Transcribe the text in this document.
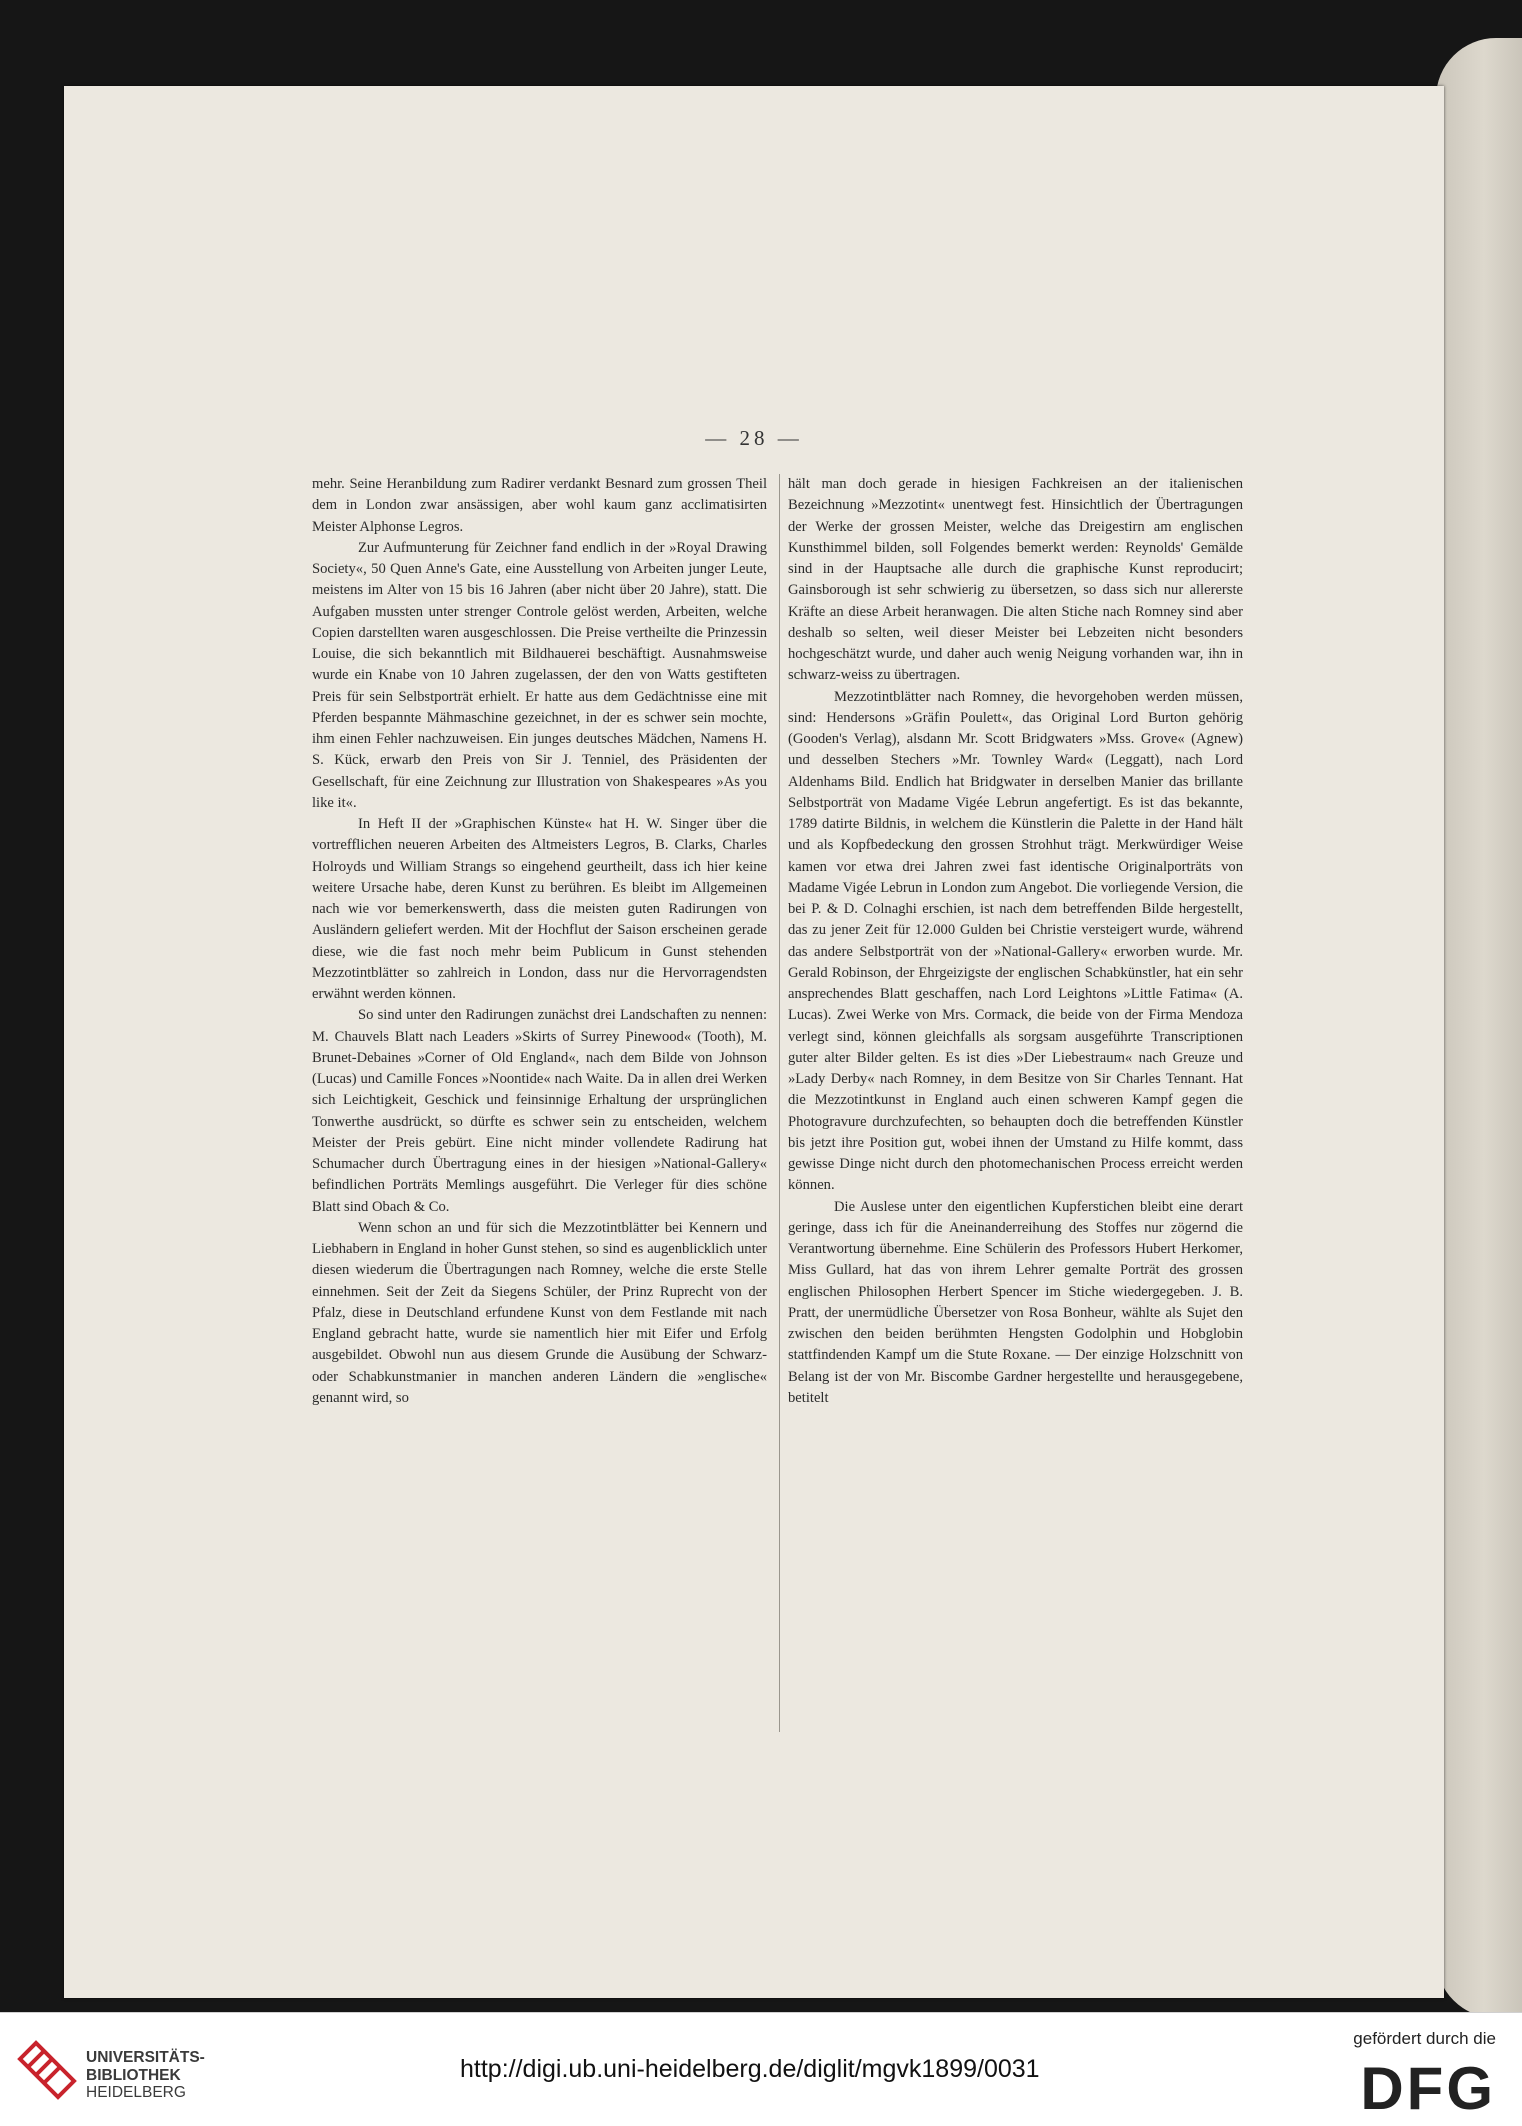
— 28 —

mehr. Seine Heranbildung zum Radirer verdankt Besnard zum grossen Theil dem in London zwar ansässigen, aber wohl kaum ganz acclimatisirten Meister Alphonse Legros.

Zur Aufmunterung für Zeichner fand endlich in der »Royal Drawing Society«, 50 Quen Anne's Gate, eine Ausstellung von Arbeiten junger Leute, meistens im Alter von 15 bis 16 Jahren (aber nicht über 20 Jahre), statt. Die Aufgaben mussten unter strenger Controle gelöst werden, Arbeiten, welche Copien darstellten waren ausgeschlossen. Die Preise vertheilte die Prinzessin Louise, die sich bekanntlich mit Bildhauerei beschäftigt. Ausnahmsweise wurde ein Knabe von 10 Jahren zugelassen, der den von Watts gestifteten Preis für sein Selbstporträt erhielt. Er hatte aus dem Gedächtnisse eine mit Pferden bespannte Mähmaschine gezeichnet, in der es schwer sein mochte, ihm einen Fehler nachzuweisen. Ein junges deutsches Mädchen, Namens H. S. Kück, erwarb den Preis von Sir J. Tenniel, des Präsidenten der Gesellschaft, für eine Zeichnung zur Illustration von Shakespeares »As you like it«.

In Heft II der »Graphischen Künste« hat H. W. Singer über die vortrefflichen neueren Arbeiten des Altmeisters Legros, B. Clarks, Charles Holroyds und William Strangs so eingehend geurtheilt, dass ich hier keine weitere Ursache habe, deren Kunst zu berühren. Es bleibt im Allgemeinen nach wie vor bemerkenswerth, dass die meisten guten Radirungen von Ausländern geliefert werden. Mit der Hochflut der Saison erscheinen gerade diese, wie die fast noch mehr beim Publicum in Gunst stehenden Mezzotintblätter so zahlreich in London, dass nur die Hervorragendsten erwähnt werden können.

So sind unter den Radirungen zunächst drei Landschaften zu nennen: M. Chauvels Blatt nach Leaders »Skirts of Surrey Pinewood« (Tooth), M. Brunet-Debaines »Corner of Old England«, nach dem Bilde von Johnson (Lucas) und Camille Fonces »Noontide« nach Waite. Da in allen drei Werken sich Leichtigkeit, Geschick und feinsinnige Erhaltung der ursprünglichen Tonwerthe ausdrückt, so dürfte es schwer sein zu entscheiden, welchem Meister der Preis gebürt. Eine nicht minder vollendete Radirung hat Schumacher durch Übertragung eines in der hiesigen »National-Gallery« befindlichen Porträts Memlings ausgeführt. Die Verleger für dies schöne Blatt sind Obach & Co.

Wenn schon an und für sich die Mezzotintblätter bei Kennern und Liebhabern in England in hoher Gunst stehen, so sind es augenblicklich unter diesen wiederum die Übertragungen nach Romney, welche die erste Stelle einnehmen. Seit der Zeit da Siegens Schüler, der Prinz Ruprecht von der Pfalz, diese in Deutschland erfundene Kunst von dem Festlande mit nach England gebracht hatte, wurde sie namentlich hier mit Eifer und Erfolg ausgebildet. Obwohl nun aus diesem Grunde die Ausübung der Schwarz- oder Schabkunstmanier in manchen anderen Ländern die »englische« genannt wird, so

hält man doch gerade in hiesigen Fachkreisen an der italienischen Bezeichnung »Mezzotint« unentwegt fest. Hinsichtlich der Übertragungen der Werke der grossen Meister, welche das Dreigestirn am englischen Kunsthimmel bilden, soll Folgendes bemerkt werden: Reynolds' Gemälde sind in der Hauptsache alle durch die graphische Kunst reproducirt; Gainsborough ist sehr schwierig zu übersetzen, so dass sich nur allererste Kräfte an diese Arbeit heranwagen. Die alten Stiche nach Romney sind aber deshalb so selten, weil dieser Meister bei Lebzeiten nicht besonders hochgeschätzt wurde, und daher auch wenig Neigung vorhanden war, ihn in schwarz-weiss zu übertragen.

Mezzotintblätter nach Romney, die hevorgehoben werden müssen, sind: Hendersons »Gräfin Poulett«, das Original Lord Burton gehörig (Gooden's Verlag), alsdann Mr. Scott Bridgwaters »Mss. Grove« (Agnew) und desselben Stechers »Mr. Townley Ward« (Leggatt), nach Lord Aldenhams Bild. Endlich hat Bridgwater in derselben Manier das brillante Selbstporträt von Madame Vigée Lebrun angefertigt. Es ist das bekannte, 1789 datirte Bildnis, in welchem die Künstlerin die Palette in der Hand hält und als Kopfbedeckung den grossen Strohhut trägt. Merkwürdiger Weise kamen vor etwa drei Jahren zwei fast identische Originalporträts von Madame Vigée Lebrun in London zum Angebot. Die vorliegende Version, die bei P. & D. Colnaghi erschien, ist nach dem betreffenden Bilde hergestellt, das zu jener Zeit für 12.000 Gulden bei Christie versteigert wurde, während das andere Selbstporträt von der »National-Gallery« erworben wurde. Mr. Gerald Robinson, der Ehrgeizigste der englischen Schabkünstler, hat ein sehr ansprechendes Blatt geschaffen, nach Lord Leightons »Little Fatima« (A. Lucas). Zwei Werke von Mrs. Cormack, die beide von der Firma Mendoza verlegt sind, können gleichfalls als sorgsam ausgeführte Transcriptionen guter alter Bilder gelten. Es ist dies »Der Liebestraum« nach Greuze und »Lady Derby« nach Romney, in dem Besitze von Sir Charles Tennant. Hat die Mezzotintkunst in England auch einen schweren Kampf gegen die Photogravure durchzufechten, so behaupten doch die betreffenden Künstler bis jetzt ihre Position gut, wobei ihnen der Umstand zu Hilfe kommt, dass gewisse Dinge nicht durch den photomechanischen Process erreicht werden können.

Die Auslese unter den eigentlichen Kupferstichen bleibt eine derart geringe, dass ich für die Aneinanderreihung des Stoffes nur zögernd die Verantwortung übernehme. Eine Schülerin des Professors Hubert Herkomer, Miss Gullard, hat das von ihrem Lehrer gemalte Porträt des grossen englischen Philosophen Herbert Spencer im Stiche wiedergegeben. J. B. Pratt, der unermüdliche Übersetzer von Rosa Bonheur, wählte als Sujet den zwischen den beiden berühmten Hengsten Godolphin und Hobglobin stattfindenden Kampf um die Stute Roxane. — Der einzige Holzschnitt von Belang ist der von Mr. Biscombe Gardner hergestellte und herausgegebene, betitelt

UNIVERSITÄTS-
BIBLIOTHEK
HEIDELBERG
http://digi.ub.uni-heidelberg.de/diglit/mgvk1899/0031
gefördert durch die
DFG
